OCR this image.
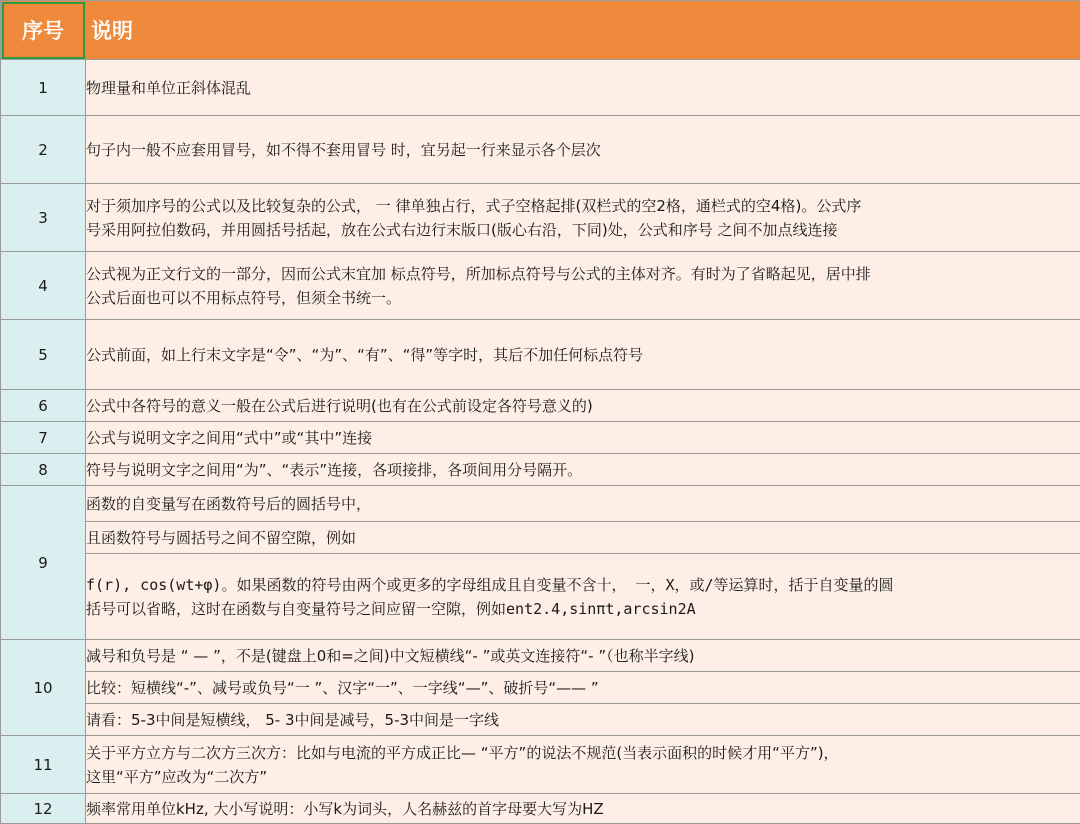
序号	说明
1	物理量和单位正斜体混乱

2	句子内一般不应套用冒号，如不得不套用冒号 时，宜另起一行来显示各个层次

3	对于须加序号的公式以及比较复杂的公式， 一 律单独占行，式子空格起排(双栏式的空2格，通栏式的空4格)。公式序
号采用阿拉伯数码，并用圆括号括起，放在公式右边行末版口(版心右沿，下同)处，公式和序号 之间不加点线连接

4	公式视为正文行文的一部分，因而公式末宜加 标点符号，所加标点符号与公式的主体对齐。有时为了省略起见，居中排
公式后面也可以不用标点符号，但须全书统一。

5	公式前面，如上行末文字是“令”、“为”、“有”、“得”等字时，其后不加任何标点符号

6	公式中各符号的意义一般在公式后进行说明(也有在公式前设定各符号意义的)

7	公式与说明文字之间用“式中”或“其中”连接

8	符号与说明文字之间用“为”、“表示”连接，各项接排，各项间用分号隔开。

9	函数的自变量写在函数符号后的圆括号中，

	且函数符号与圆括号之间不留空隙，例如

	f(r), cos(wt+φ)。如果函数的符号由两个或更多的字母组成且自变量不含十， 一，X，或/等运算时，括于自变量的圆
括号可以省略，这时在函数与自变量符号之间应留一空隙，例如ent2.4,sinπt,arcsin2A

10	减号和负号是 “ — ”，不是(键盘上0和=之间)中文短横线“- ”或英文连接符“- ”（也称半字线)

	比较：短横线“-”、减号或负号“一 ”、汉字“一”、一字线“—”、破折号“—— ”

	请看：5-3中间是短横线， 5- 3中间是减号，5-3中间是一字线

11	关于平方立方与二次方三次方：比如与电流的平方成正比— “平方”的说法不规范(当表示面积的时候才用“平方”)，
这里“平方”应改为“二次方”

12	频率常用单位kHz, 大小写说明：小写k为词头，人名赫兹的首字母要大写为HZ
